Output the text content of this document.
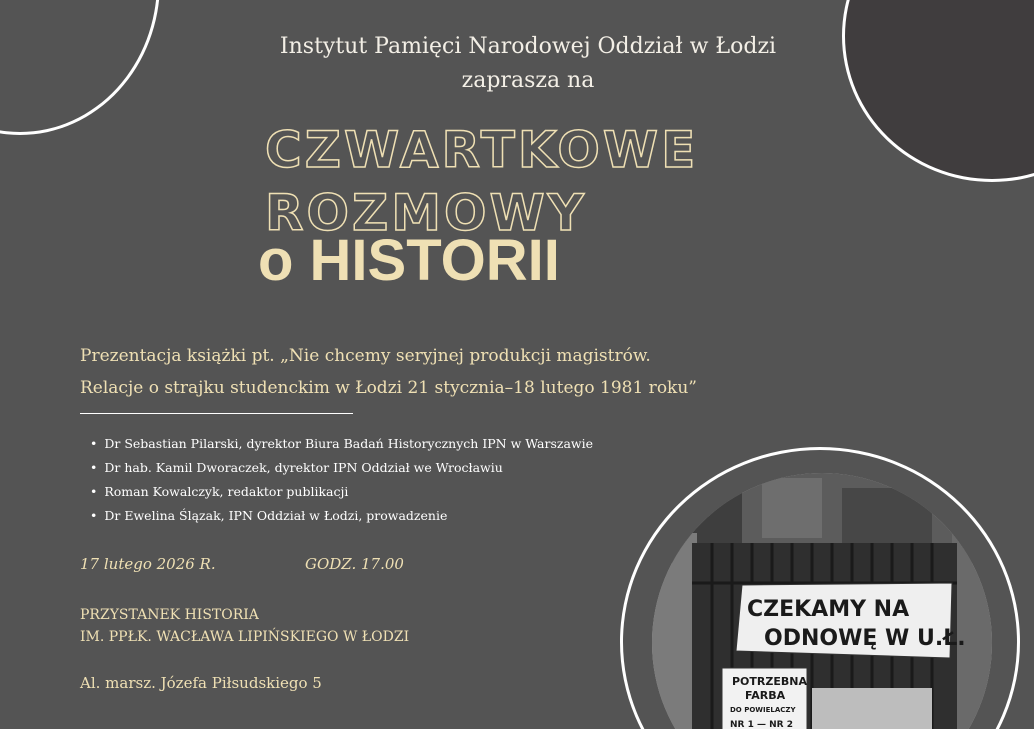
Instytut Pamięci Narodowej Oddział w Łodzi
zaprasza na
CZWARTKOWE
ROZMOWY
o HISTORII
Prezentacja książki pt. „Nie chcemy seryjnej produkcji magistrów.
Relacje o strajku studenckim w Łodzi 21 stycznia–18 lutego 1981 roku”
• Dr Sebastian Pilarski, dyrektor Biura Badań Historycznych IPN w Warszawie
• Dr hab. Kamil Dworaczek, dyrektor IPN Oddział we Wrocławiu
• Roman Kowalczyk, redaktor publikacji
• Dr Ewelina Ślązak, IPN Oddział w Łodzi, prowadzenie
17 lutego 2026 R.	GODZ. 17.00
PRZYSTANEK HISTORIA
IM. PPŁK. WACŁAWA LIPIŃSKIEGO W ŁODZI
Al. marsz. Józefa Piłsudskiego 5
CZEKAMY NA
ODNOWĘ W U.Ł.
POTRZEBNA
FARBA
DO POWIELACZY
NR 1 — NR 2
